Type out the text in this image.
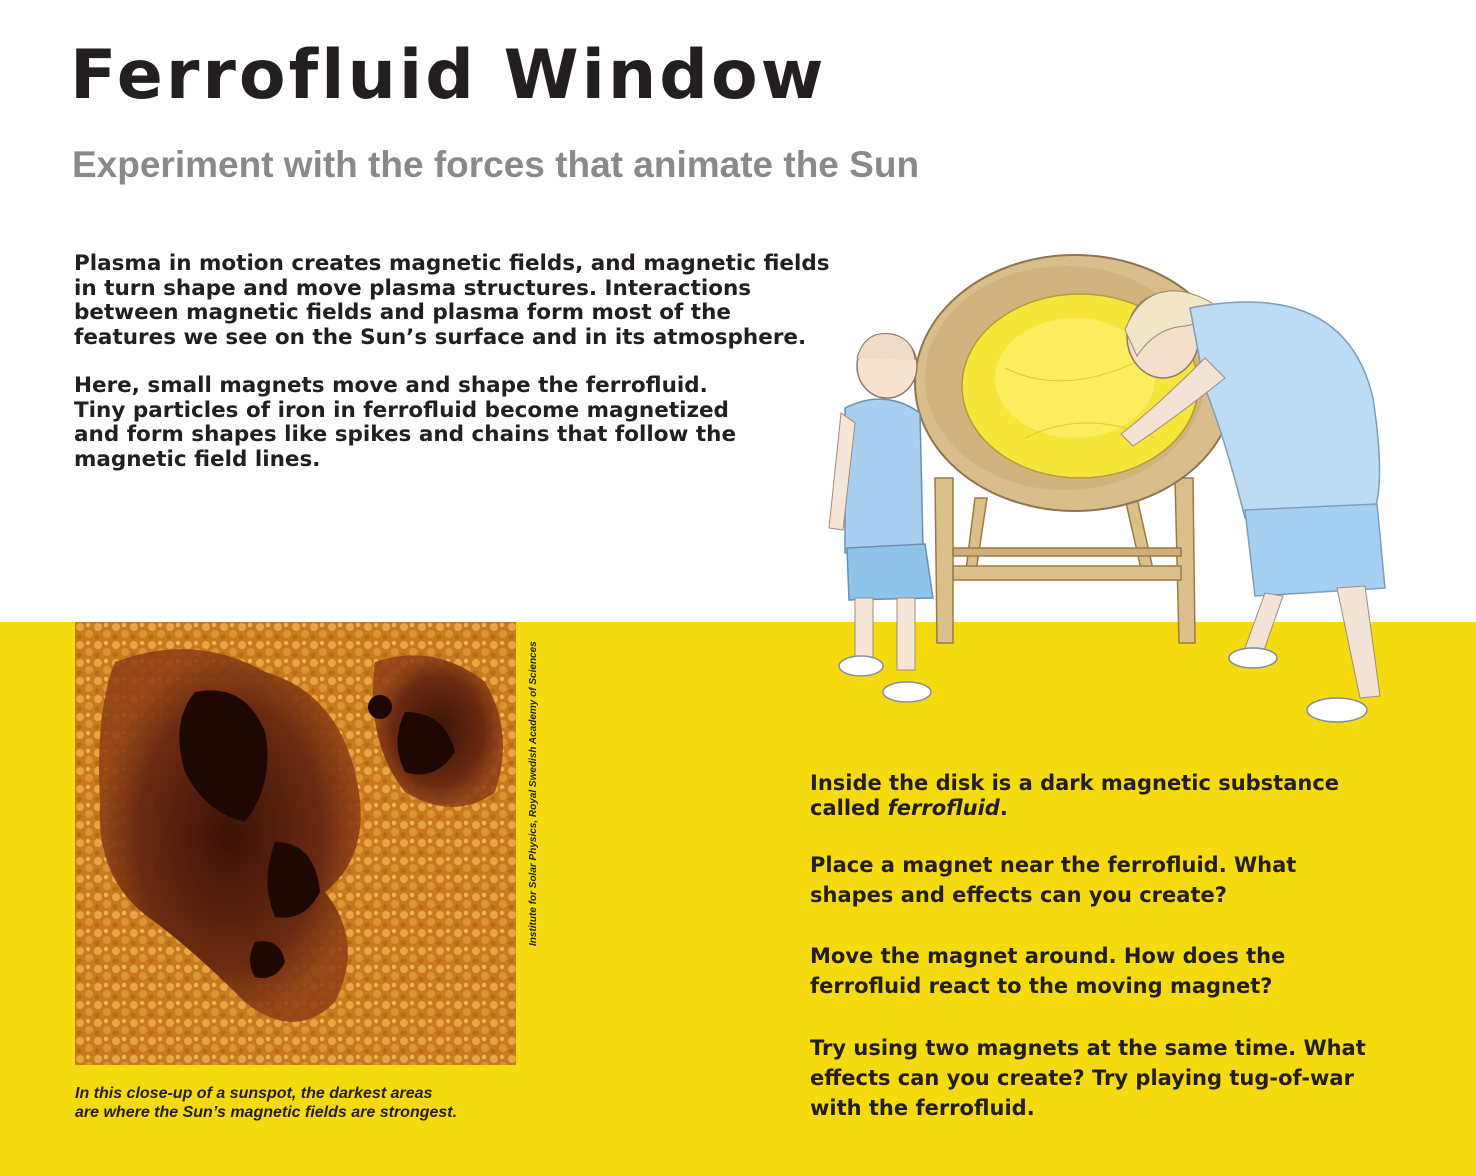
Ferrofluid Window
Experiment with the forces that animate the Sun

Plasma in motion creates magnetic fields, and magnetic fields
in turn shape and move plasma structures. Interactions
between magnetic fields and plasma form most of the
features we see on the Sun’s surface and in its atmosphere.

Here, small magnets move and shape the ferrofluid.
Tiny particles of iron in ferrofluid become magnetized
and form shapes like spikes and chains that follow the
magnetic field lines.

Institute for Solar Physics, Royal Swedish Academy of Sciences
In this close-up of a sunspot, the darkest areas
are where the Sun’s magnetic fields are strongest.

Inside the disk is a dark magnetic substance
called ferrofluid.

Place a magnet near the ferrofluid. What
shapes and effects can you create?

Move the magnet around. How does the
ferrofluid react to the moving magnet?

Try using two magnets at the same time. What
effects can you create? Try playing tug-of-war
with the ferrofluid.
